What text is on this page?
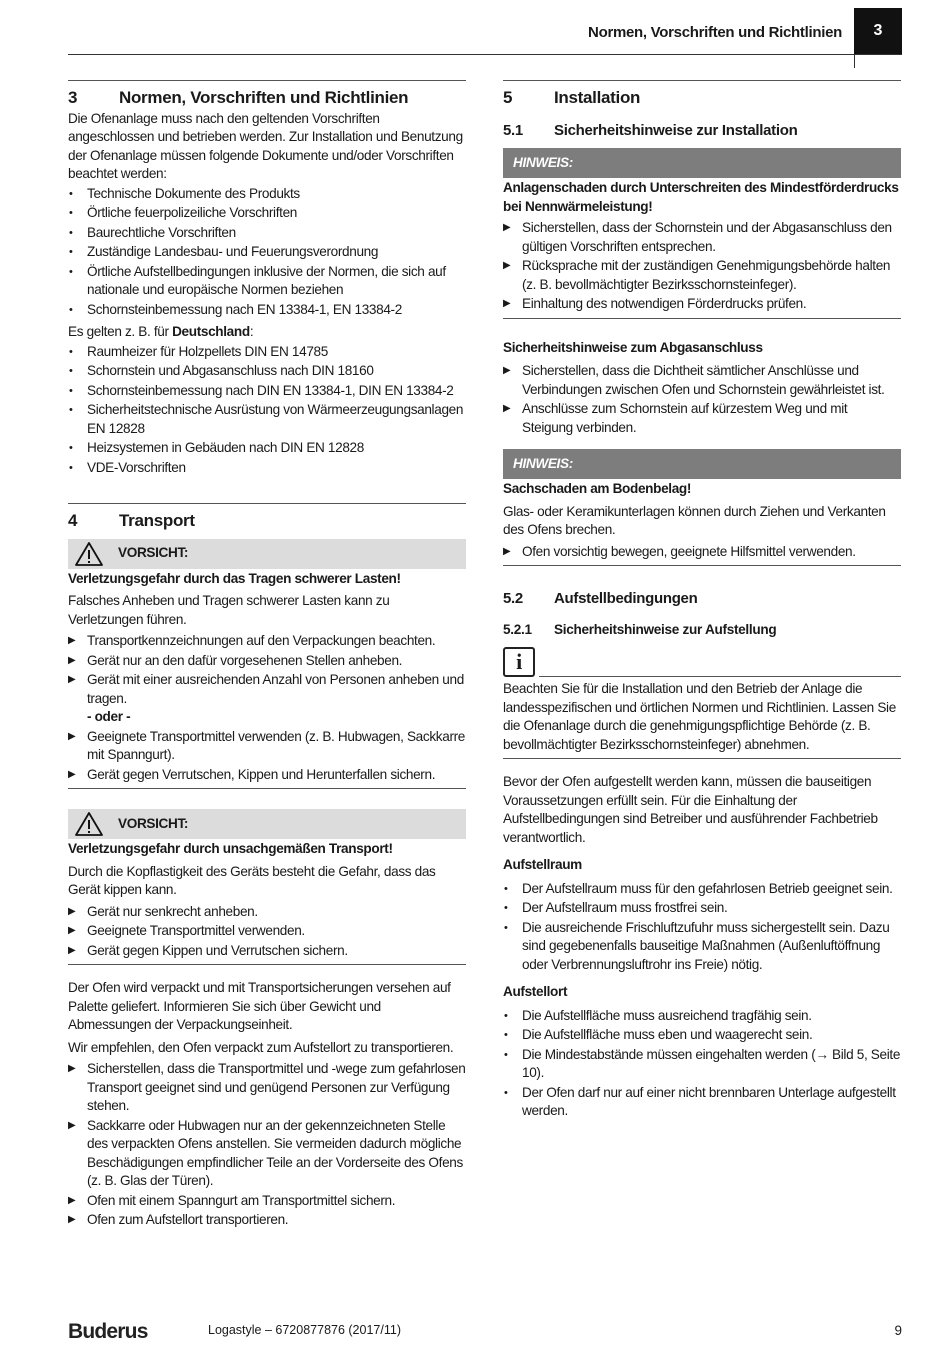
Normen, Vorschriften und Richtlinien	3
3	Normen, Vorschriften und Richtlinien

Die Ofenanlage muss nach den geltenden Vorschriften angeschlossen und betrieben werden. Zur Installation und Benutzung der Ofenanlage müssen folgende Dokumente und/oder Vorschriften beachtet werden:

• Technische Dokumente des Produkts
• Örtliche feuerpolizeiliche Vorschriften
• Baurechtliche Vorschriften
• Zuständige Landesbau- und Feuerungsverordnung
• Örtliche Aufstellbedingungen inklusive der Normen, die sich auf nationale und europäische Normen beziehen
• Schornsteinbemessung nach EN 13384-1, EN 13384-2

Es gelten z. B. für Deutschland:

• Raumheizer für Holzpellets DIN EN 14785
• Schornstein und Abgasanschluss nach DIN 18160
• Schornsteinbemessung nach DIN EN 13384-1, DIN EN 13384-2
• Sicherheitstechnische Ausrüstung von Wärmeerzeugungsanlagen EN 12828
• Heizsystemen in Gebäuden nach DIN EN 12828
• VDE-Vorschriften
4	Transport
VORSICHT:

Verletzungsgefahr durch das Tragen schwerer Lasten!

Falsches Anheben und Tragen schwerer Lasten kann zu Verletzungen führen.

▶ Transportkennzeichnungen auf den Verpackungen beachten.
▶ Gerät nur an den dafür vorgesehenen Stellen anheben.
▶ Gerät mit einer ausreichenden Anzahl von Personen anheben und tragen.

- oder -

▶ Geeignete Transportmittel verwenden (z. B. Hubwagen, Sackkarre mit Spanngurt).
▶ Gerät gegen Verrutschen, Kippen und Herunterfallen sichern.
VORSICHT:

Verletzungsgefahr durch unsachgemäßen Transport!

Durch die Kopflastigkeit des Geräts besteht die Gefahr, dass das Gerät kippen kann.

▶ Gerät nur senkrecht anheben.
▶ Geeignete Transportmittel verwenden.
▶ Gerät gegen Kippen und Verrutschen sichern.

Der Ofen wird verpackt und mit Transportsicherungen versehen auf Palette geliefert. Informieren Sie sich über Gewicht und Abmessungen der Verpackungseinheit.

Wir empfehlen, den Ofen verpackt zum Aufstellort zu transportieren.

▶ Sicherstellen, dass die Transportmittel und -wege zum gefahrlosen Transport geeignet sind und genügend Personen zur Verfügung stehen.
▶ Sackkarre oder Hubwagen nur an der gekennzeichneten Stelle des verpackten Ofens anstellen. Sie vermeiden dadurch mögliche Beschädigungen empfindlicher Teile an der Vorderseite des Ofens (z. B. Glas der Türen).
▶ Ofen mit einem Spanngurt am Transportmittel sichern.
▶ Ofen zum Aufstellort transportieren.
5	Installation
5.1	Sicherheitshinweise zur Installation
HINWEIS:

Anlagenschaden durch Unterschreiten des Mindestförderdrucks bei Nennwärmeleistung!

▶ Sicherstellen, dass der Schornstein und der Abgasanschluss den gültigen Vorschriften entsprechen.
▶ Rücksprache mit der zuständigen Genehmigungsbehörde halten (z. B. bevollmächtigter Bezirksschornsteinfeger).
▶ Einhaltung des notwendigen Förderdrucks prüfen.

Sicherheitshinweise zum Abgasanschluss

▶ Sicherstellen, dass die Dichtheit sämtlicher Anschlüsse und Verbindungen zwischen Ofen und Schornstein gewährleistet ist.
▶ Anschlüsse zum Schornstein auf kürzestem Weg und mit Steigung verbinden.
HINWEIS:

Sachschaden am Bodenbelag!

Glas- oder Keramikunterlagen können durch Ziehen und Verkanten des Ofens brechen.

▶ Ofen vorsichtig bewegen, geeignete Hilfsmittel verwenden.
5.2	Aufstellbedingungen
5.2.1	Sicherheitshinweise zur Aufstellung
i

Beachten Sie für die Installation und den Betrieb der Anlage die landesspezifischen und örtlichen Normen und Richtlinien. Lassen Sie die Ofenanlage durch die genehmigungspflichtige Behörde (z. B. bevollmächtigter Bezirksschornsteinfeger) abnehmen.

Bevor der Ofen aufgestellt werden kann, müssen die bauseitigen Voraussetzungen erfüllt sein. Für die Einhaltung der Aufstellbedingungen sind Betreiber und ausführender Fachbetrieb verantwortlich.

Aufstellraum

• Der Aufstellraum muss für den gefahrlosen Betrieb geeignet sein.
• Der Aufstellraum muss frostfrei sein.
• Die ausreichende Frischluftzufuhr muss sichergestellt sein. Dazu sind gegebenenfalls bauseitige Maßnahmen (Außenluftöffnung oder Verbrennungsluftrohr ins Freie) nötig.

Aufstellort

• Die Aufstellfläche muss ausreichend tragfähig sein.
• Die Aufstellfläche muss eben und waagerecht sein.
• Die Mindestabstände müssen eingehalten werden (→ Bild 5, Seite 10).
• Der Ofen darf nur auf einer nicht brennbaren Unterlage aufgestellt werden.
Buderus	Logastyle – 6720877876 (2017/11)	9
